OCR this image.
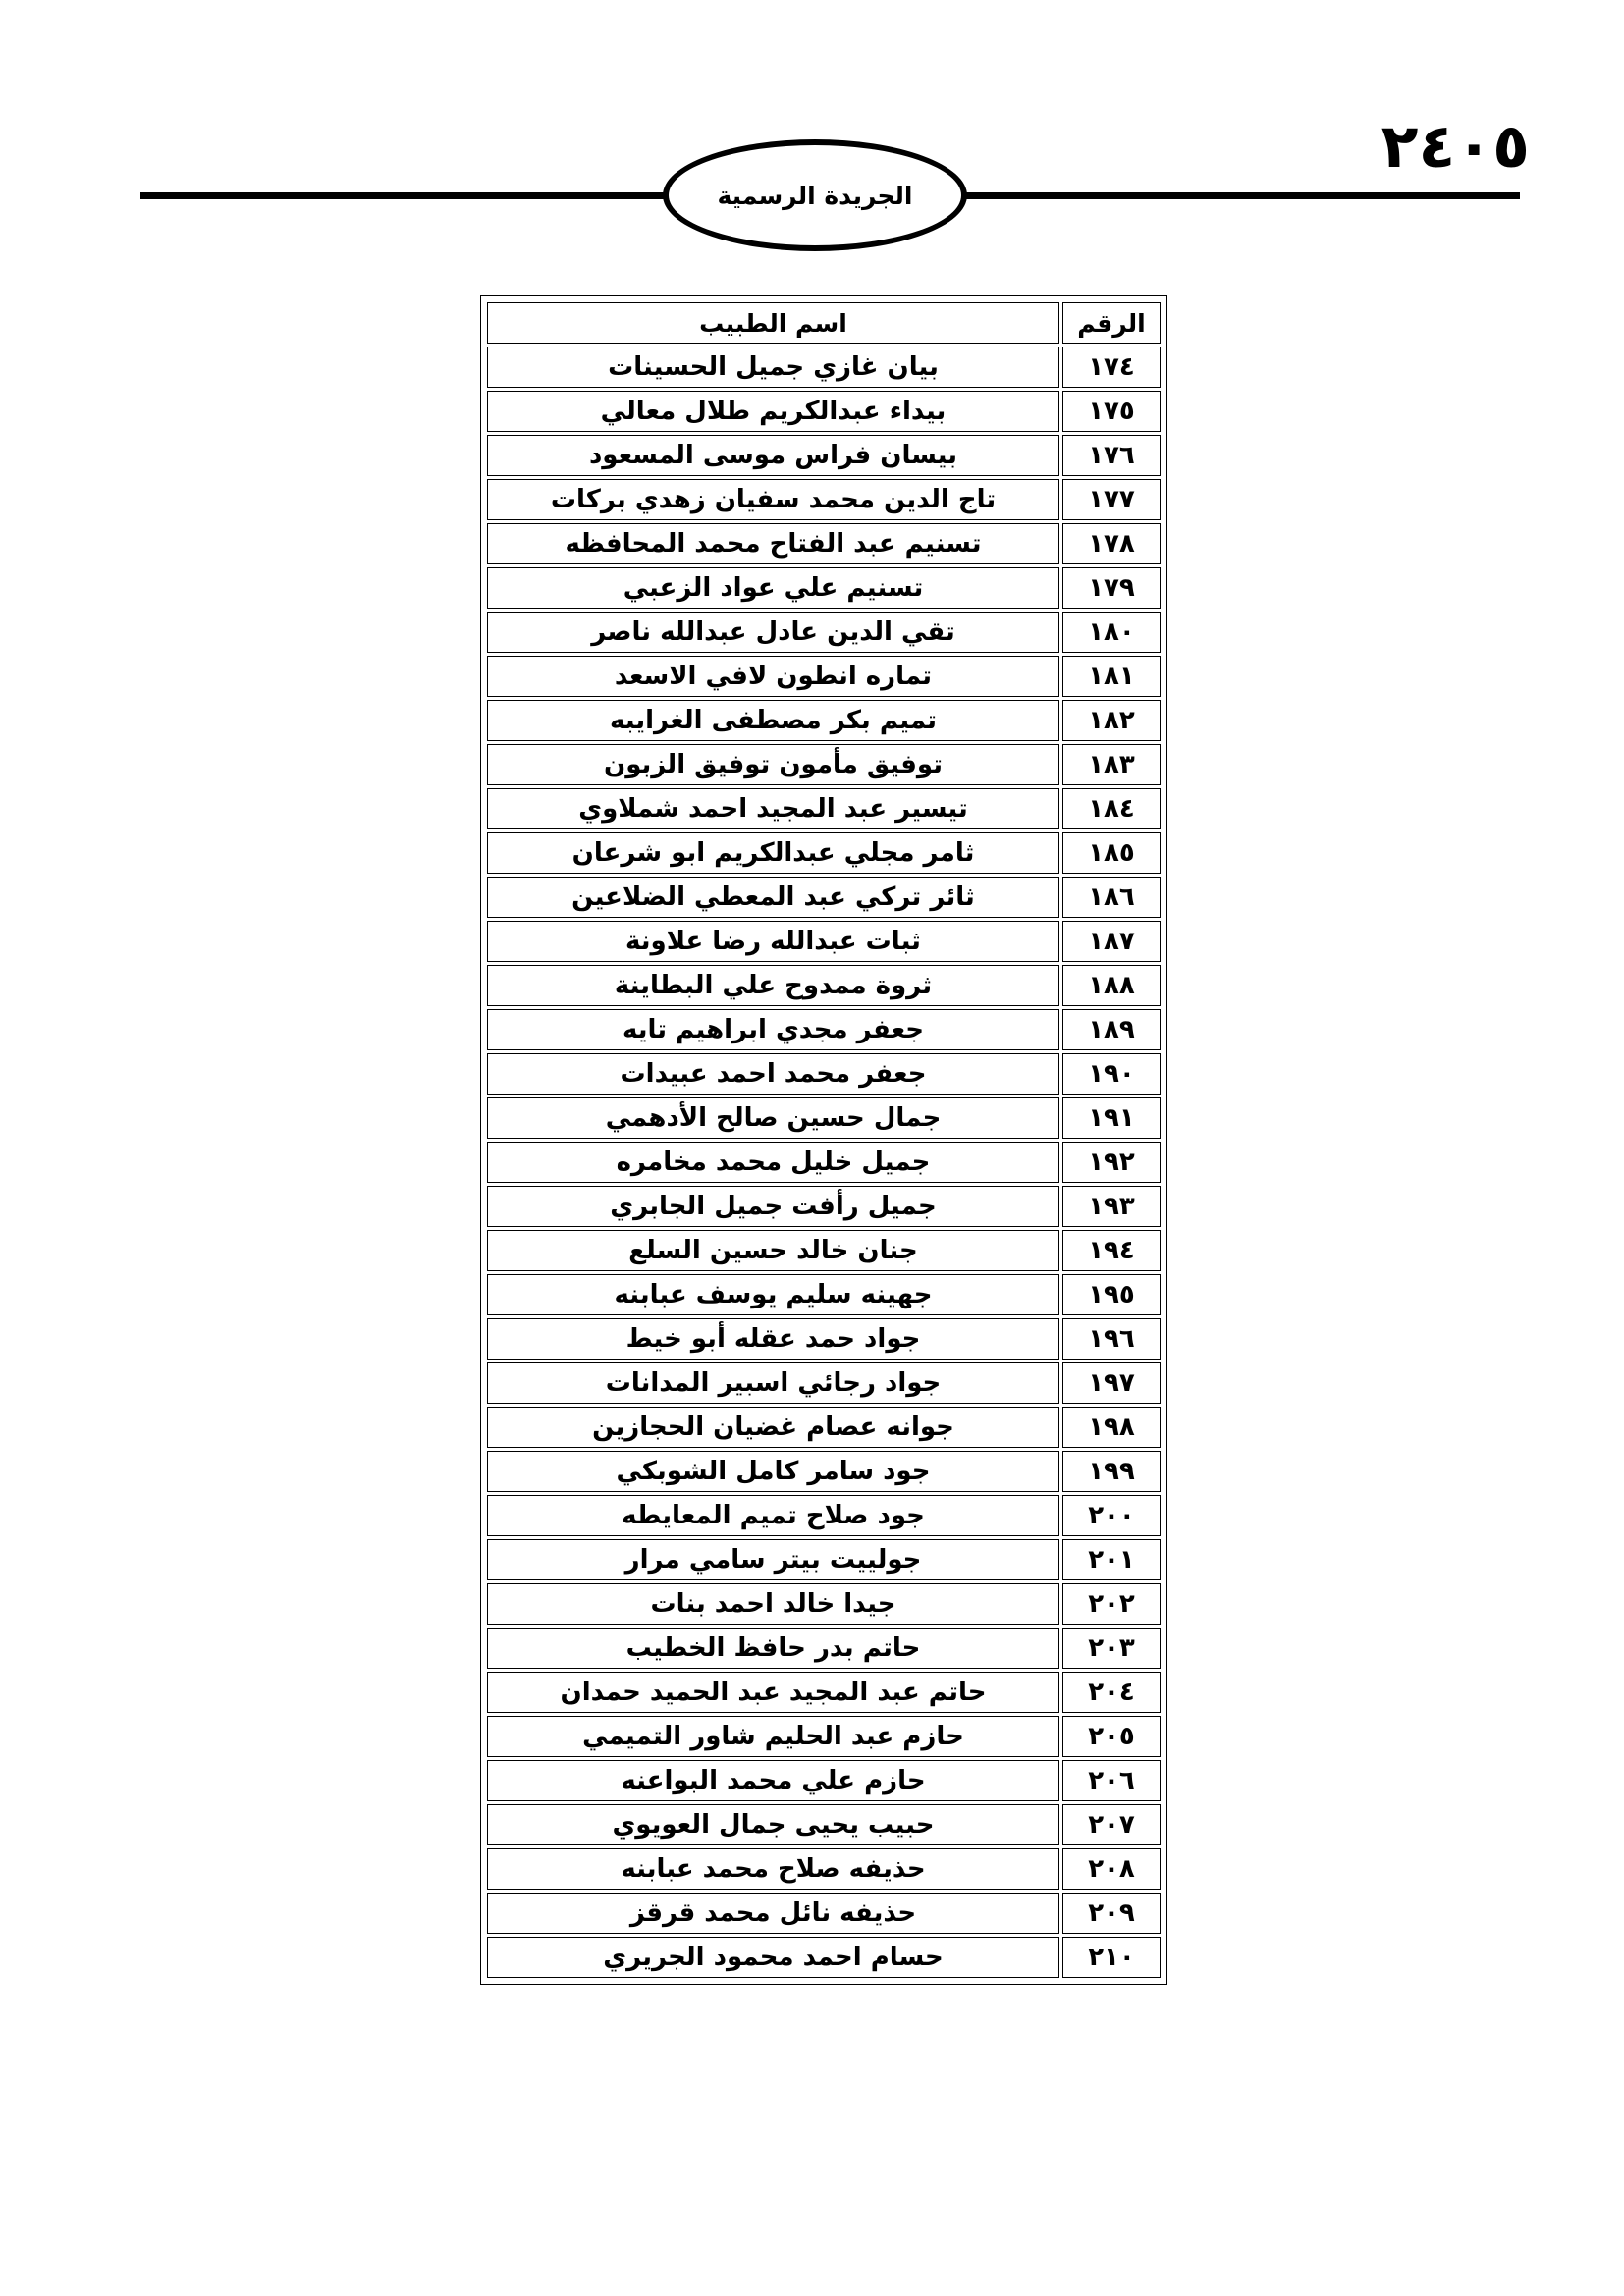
٢٤٠٥
الجريدة الرسمية
الرقم	اسم الطبيب
١٧٤	بيان غازي جميل الحسينات
١٧٥	بيداء عبدالكريم طلال معالي
١٧٦	بيسان فراس موسى المسعود
١٧٧	تاج الدين محمد سفيان زهدي بركات
١٧٨	تسنيم عبد الفتاح محمد المحافظه
١٧٩	تسنيم علي عواد الزعبي
١٨٠	تقي الدين عادل عبدالله ناصر
١٨١	تماره انطون لافي الاسعد
١٨٢	تميم بكر مصطفى الغرايبه
١٨٣	توفيق مأمون توفيق الزبون
١٨٤	تيسير عبد المجيد احمد شملاوي
١٨٥	ثامر مجلي عبدالكريم ابو شرعان
١٨٦	ثائر تركي عبد المعطي الضلاعين
١٨٧	ثبات عبدالله رضا علاونة
١٨٨	ثروة ممدوح علي البطاينة
١٨٩	جعفر مجدي ابراهيم تايه
١٩٠	جعفر محمد احمد عبيدات
١٩١	جمال حسين صالح الأدهمي
١٩٢	جميل خليل محمد مخامره
١٩٣	جميل رأفت جميل الجابري
١٩٤	جنان خالد حسين السلع
١٩٥	جهينه سليم يوسف عبابنه
١٩٦	جواد حمد عقله أبو خيط
١٩٧	جواد رجائي اسبير المدانات
١٩٨	جوانه عصام غضيان الحجازين
١٩٩	جود سامر كامل الشوبكي
٢٠٠	جود صلاح تميم المعايطه
٢٠١	جولييت بيتر سامي مرار
٢٠٢	جيدا خالد احمد بنات
٢٠٣	حاتم بدر حافظ الخطيب
٢٠٤	حاتم عبد المجيد عبد الحميد حمدان
٢٠٥	حازم عبد الحليم شاور التميمي
٢٠٦	حازم علي محمد البواعنه
٢٠٧	حبيب يحيى جمال العويوي
٢٠٨	حذيفه صلاح محمد عبابنه
٢٠٩	حذيفه نائل محمد قرقز
٢١٠	حسام احمد محمود الجريري
